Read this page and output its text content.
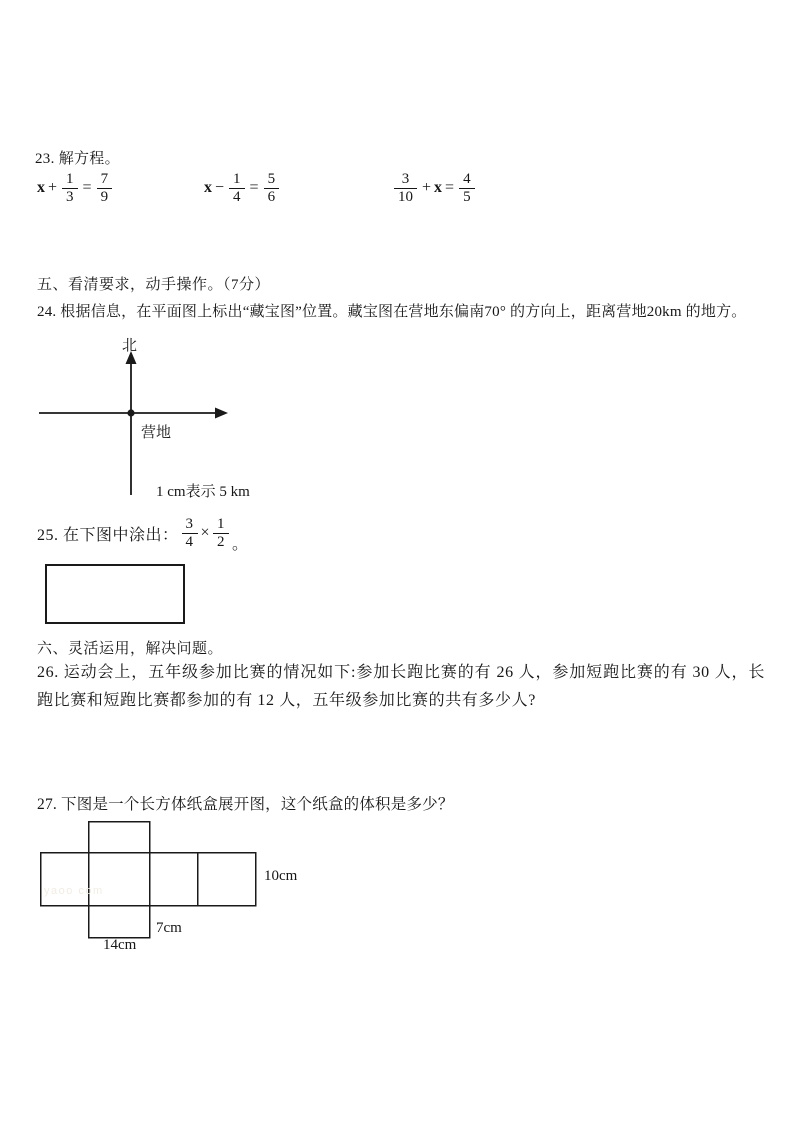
23. 解方程。
$x + \frac{1}{3} = \frac{7}{9}$	$x - \frac{1}{4} = \frac{5}{6}$	$\frac{3}{10} + x = \frac{4}{5}$
五、看清要求，动手操作。（7分）
24. 根据信息，在平面图上标出“藏宝图”位置。藏宝图在营地东偏南70° 的方向上，距离营地20km 的地方。
北
营地
1 cm表示 5 km
25. 在下图中涂出： $\frac{3}{4} \times \frac{1}{2}$ 。
六、灵活运用，解决问题。
26. 运动会上，五年级参加比赛的情况如下:参加长跑比赛的有 26 人，参加短跑比赛的有 30 人，长跑比赛和短跑比赛都参加的有 12 人，五年级参加比赛的共有多少人?
27. 下图是一个长方体纸盒展开图，这个纸盒的体积是多少？
yaoo com
10cm
7cm
14cm
